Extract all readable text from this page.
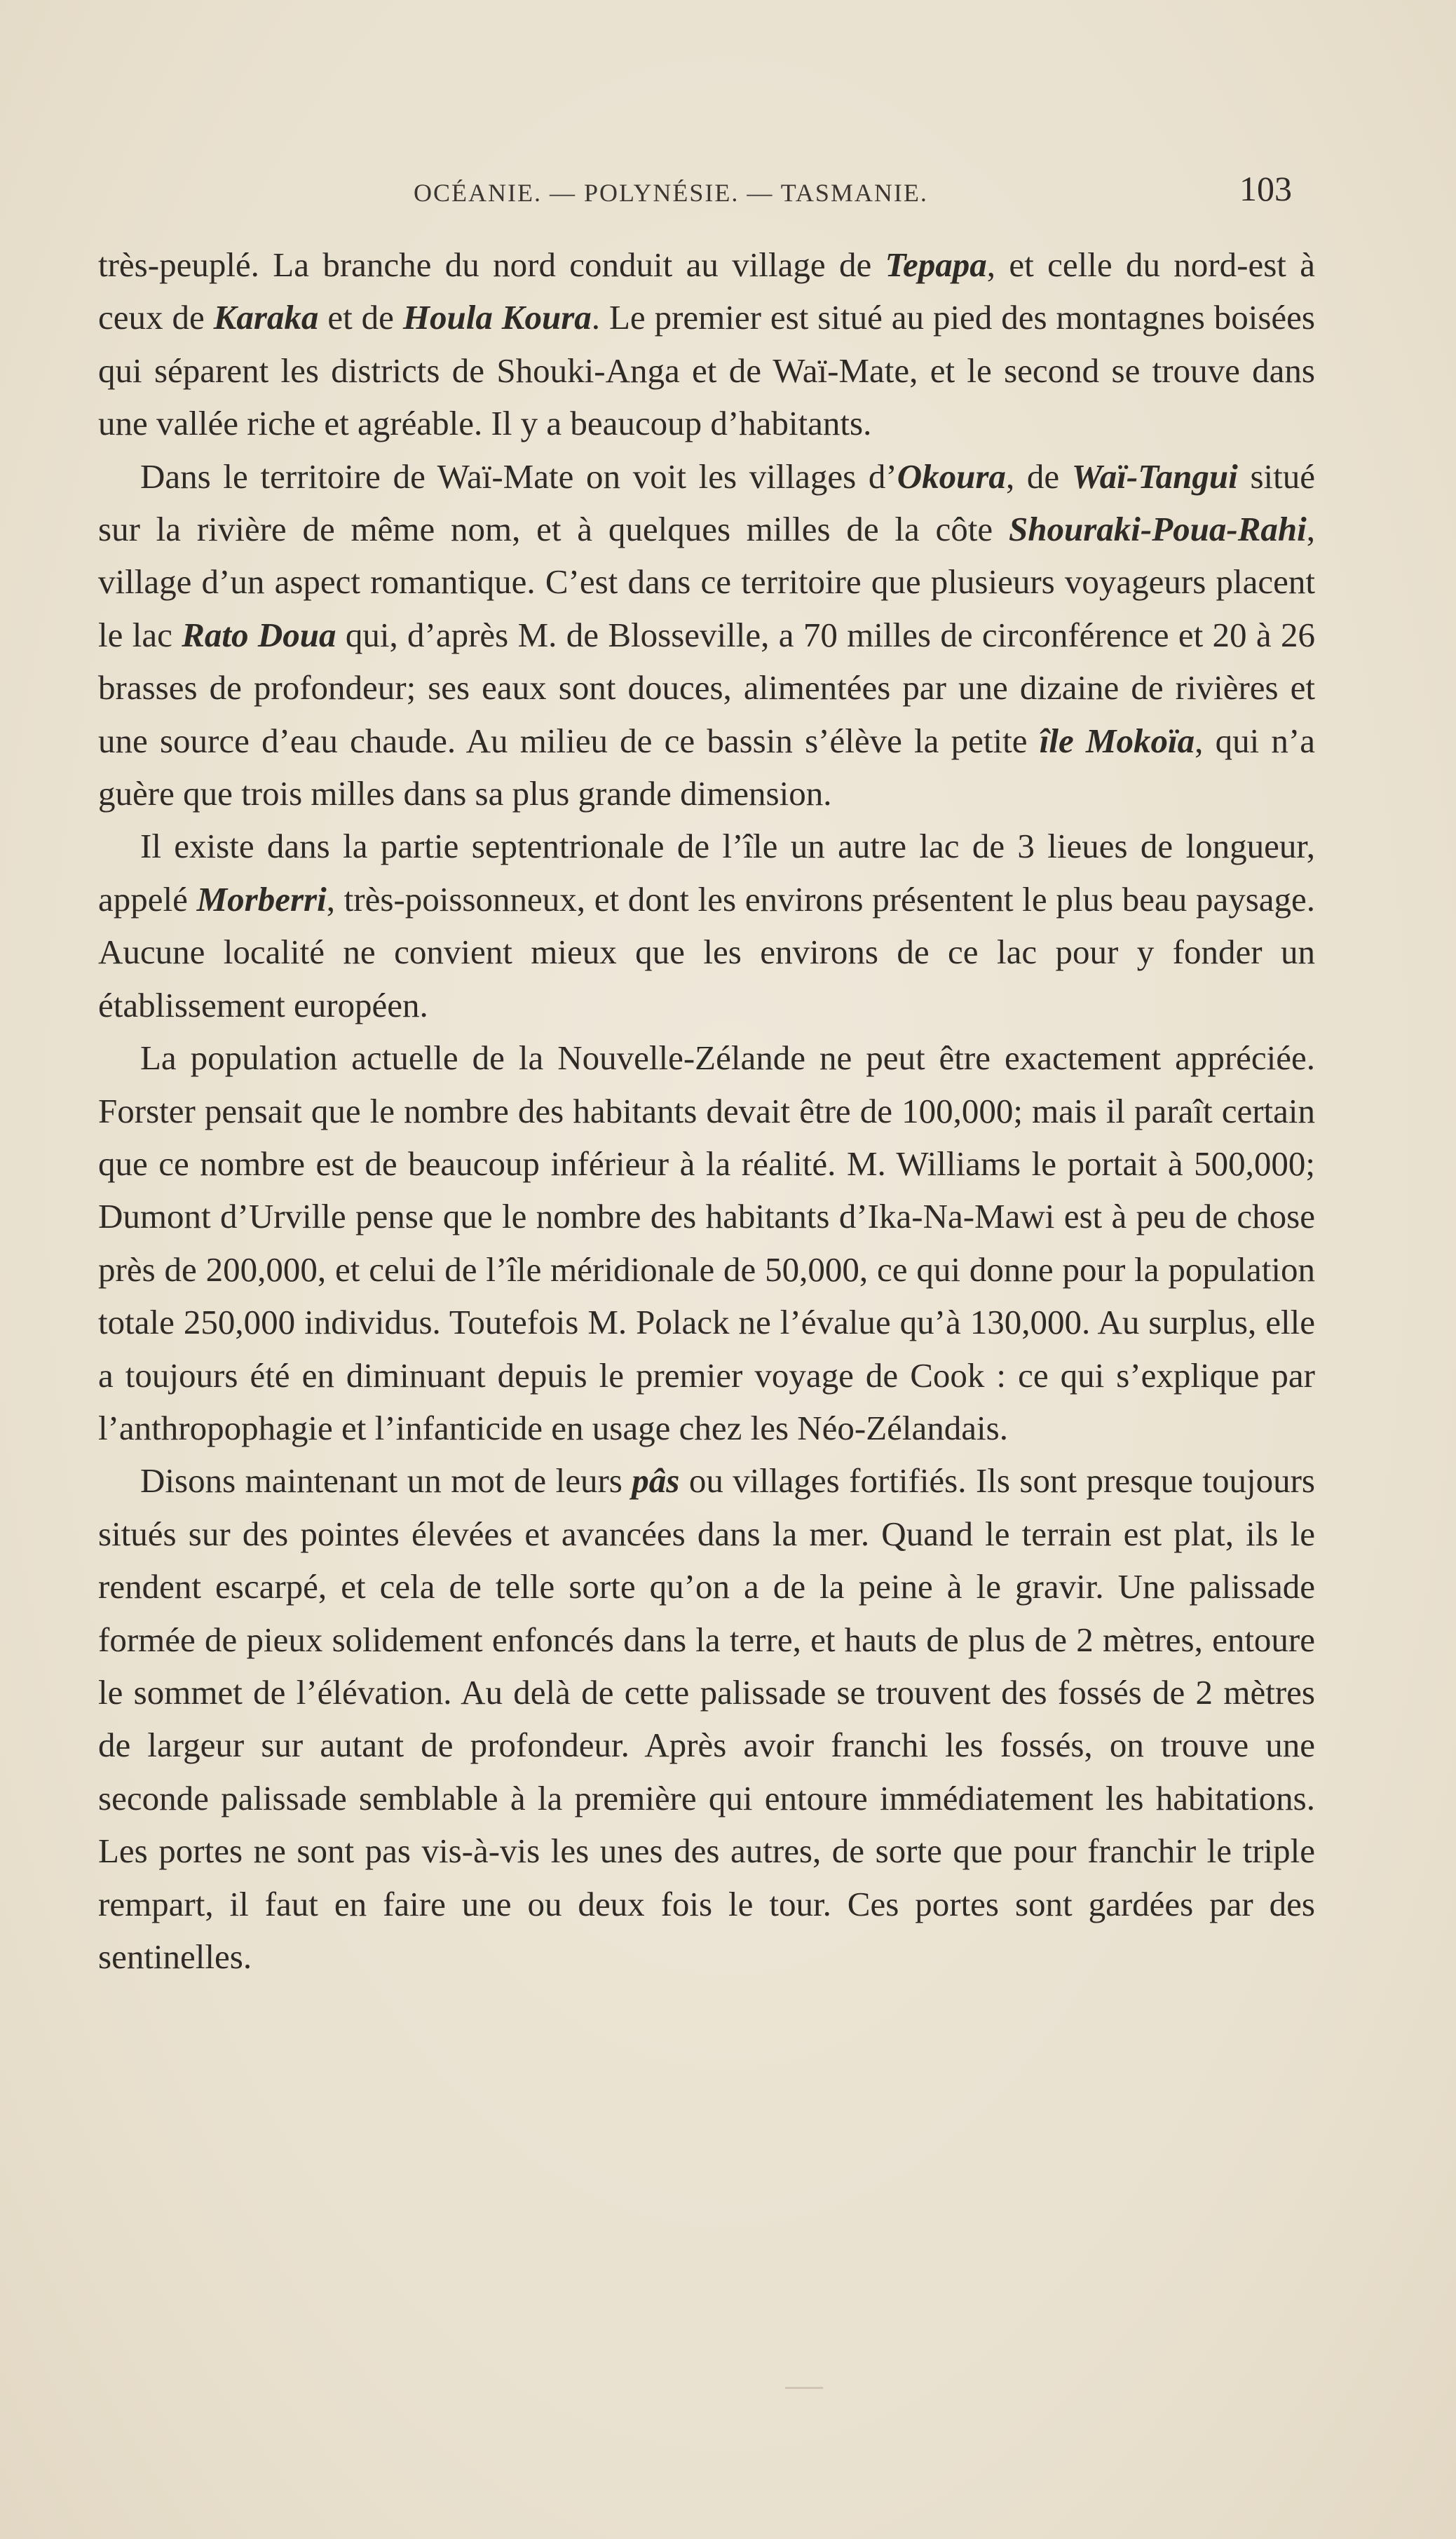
OCÉANIE. — POLYNÉSIE. — TASMANIE.	103

très-peuplé. La branche du nord conduit au village de Tepapa, et celle du nord-est à ceux de Karaka et de Houla Koura. Le premier est situé au pied des montagnes boisées qui séparent les districts de Shouki-Anga et de Waï-Mate, et le second se trouve dans une vallée riche et agréable. Il y a beaucoup d’habitants.

Dans le territoire de Waï-Mate on voit les villages d’Okoura, de Waï-Tangui situé sur la rivière de même nom, et à quelques milles de la côte Shouraki-Poua-Rahi, village d’un aspect romantique. C’est dans ce territoire que plusieurs voyageurs placent le lac Rato Doua qui, d’après M. de Blosseville, a 70 milles de circonférence et 20 à 26 brasses de profondeur; ses eaux sont douces, alimentées par une dizaine de rivières et une source d’eau chaude. Au milieu de ce bassin s’élève la petite île Mokoïa, qui n’a guère que trois milles dans sa plus grande dimension.

Il existe dans la partie septentrionale de l’île un autre lac de 3 lieues de longueur, appelé Morberri, très-poissonneux, et dont les environs présentent le plus beau paysage. Aucune localité ne convient mieux que les environs de ce lac pour y fonder un établissement européen.

La population actuelle de la Nouvelle-Zélande ne peut être exactement appréciée. Forster pensait que le nombre des habitants devait être de 100,000; mais il paraît certain que ce nombre est de beaucoup inférieur à la réalité. M. Williams le portait à 500,000; Dumont d’Urville pense que le nombre des habitants d’Ika-Na-Mawi est à peu de chose près de 200,000, et celui de l’île méridionale de 50,000, ce qui donne pour la population totale 250,000 individus. Toutefois M. Polack ne l’évalue qu’à 130,000. Au surplus, elle a toujours été en diminuant depuis le premier voyage de Cook : ce qui s’explique par l’anthropophagie et l’infanticide en usage chez les Néo-Zélandais.

Disons maintenant un mot de leurs pâs ou villages fortifiés. Ils sont presque toujours situés sur des pointes élevées et avancées dans la mer. Quand le terrain est plat, ils le rendent escarpé, et cela de telle sorte qu’on a de la peine à le gravir. Une palissade formée de pieux solidement enfoncés dans la terre, et hauts de plus de 2 mètres, entoure le sommet de l’élévation. Au delà de cette palissade se trouvent des fossés de 2 mètres de largeur sur autant de profondeur. Après avoir franchi les fossés, on trouve une seconde palissade semblable à la première qui entoure immédiatement les habitations. Les portes ne sont pas vis-à-vis les unes des autres, de sorte que pour franchir le triple rempart, il faut en faire une ou deux fois le tour. Ces portes sont gardées par des sentinelles.
